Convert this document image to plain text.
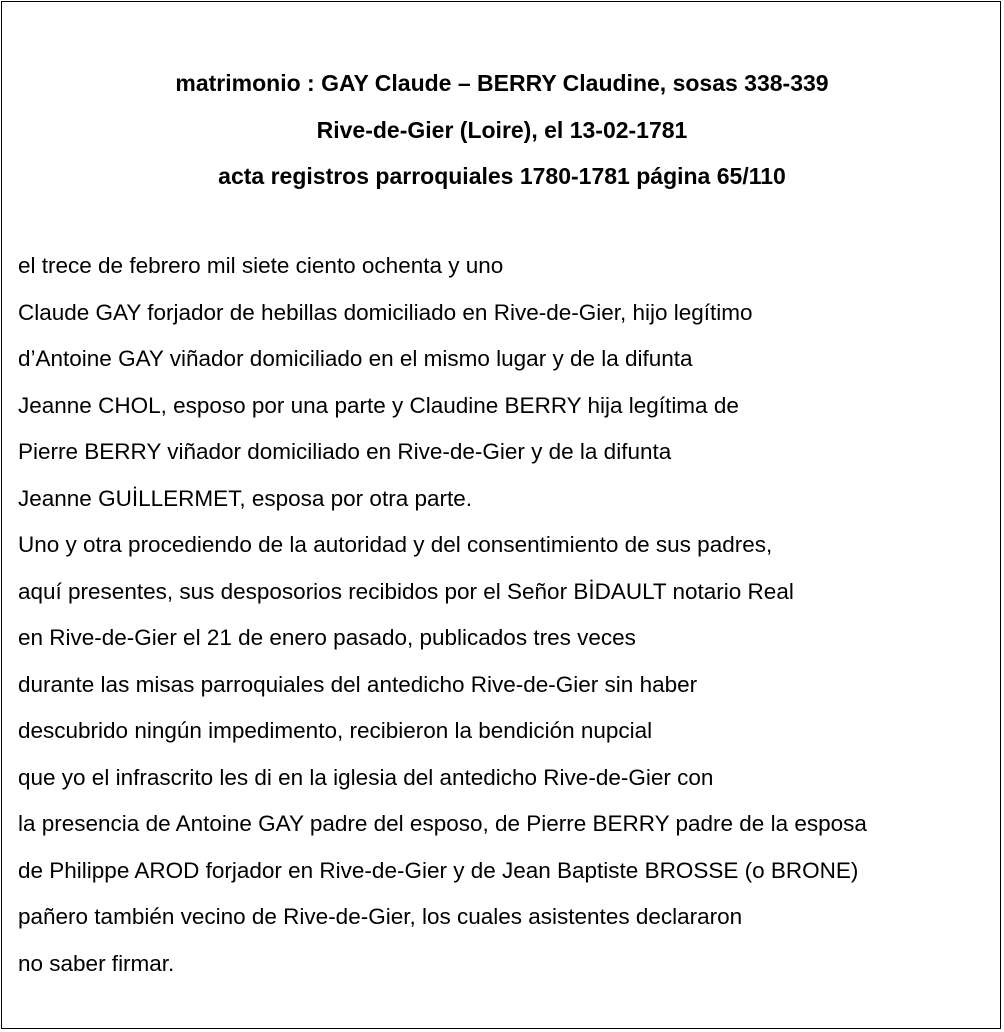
matrimonio : GAY Claude – BERRY Claudine, sosas 338-339
Rive-de-Gier (Loire), el 13-02-1781
acta registros parroquiales 1780-1781 página 65/110
el trece de febrero mil siete ciento ochenta y uno
Claude GAY forjador de hebillas domiciliado en Rive-de-Gier, hijo legítimo
d’Antoine GAY viñador domiciliado en el mismo lugar y de la difunta
Jeanne CHOL, esposo por una parte y Claudine BERRY hija legítima de
Pierre BERRY viñador domiciliado en Rive-de-Gier y de la difunta
Jeanne GUİLLERMET, esposa por otra parte.
Uno y otra procediendo de la autoridad y del consentimiento de sus padres,
aquí presentes, sus desposorios recibidos por el Señor BİDAULT notario Real
en Rive-de-Gier el 21 de enero pasado, publicados tres veces
durante las misas parroquiales del antedicho Rive-de-Gier sin haber
descubrido ningún impedimento, recibieron la bendición nupcial
que yo el infrascrito les di en la iglesia del antedicho Rive-de-Gier con
la presencia de Antoine GAY padre del esposo, de Pierre BERRY padre de la esposa
de Philippe AROD forjador en Rive-de-Gier y de Jean Baptiste BROSSE (o BRONE)
pañero también vecino de Rive-de-Gier, los cuales asistentes declararon
no saber firmar.
